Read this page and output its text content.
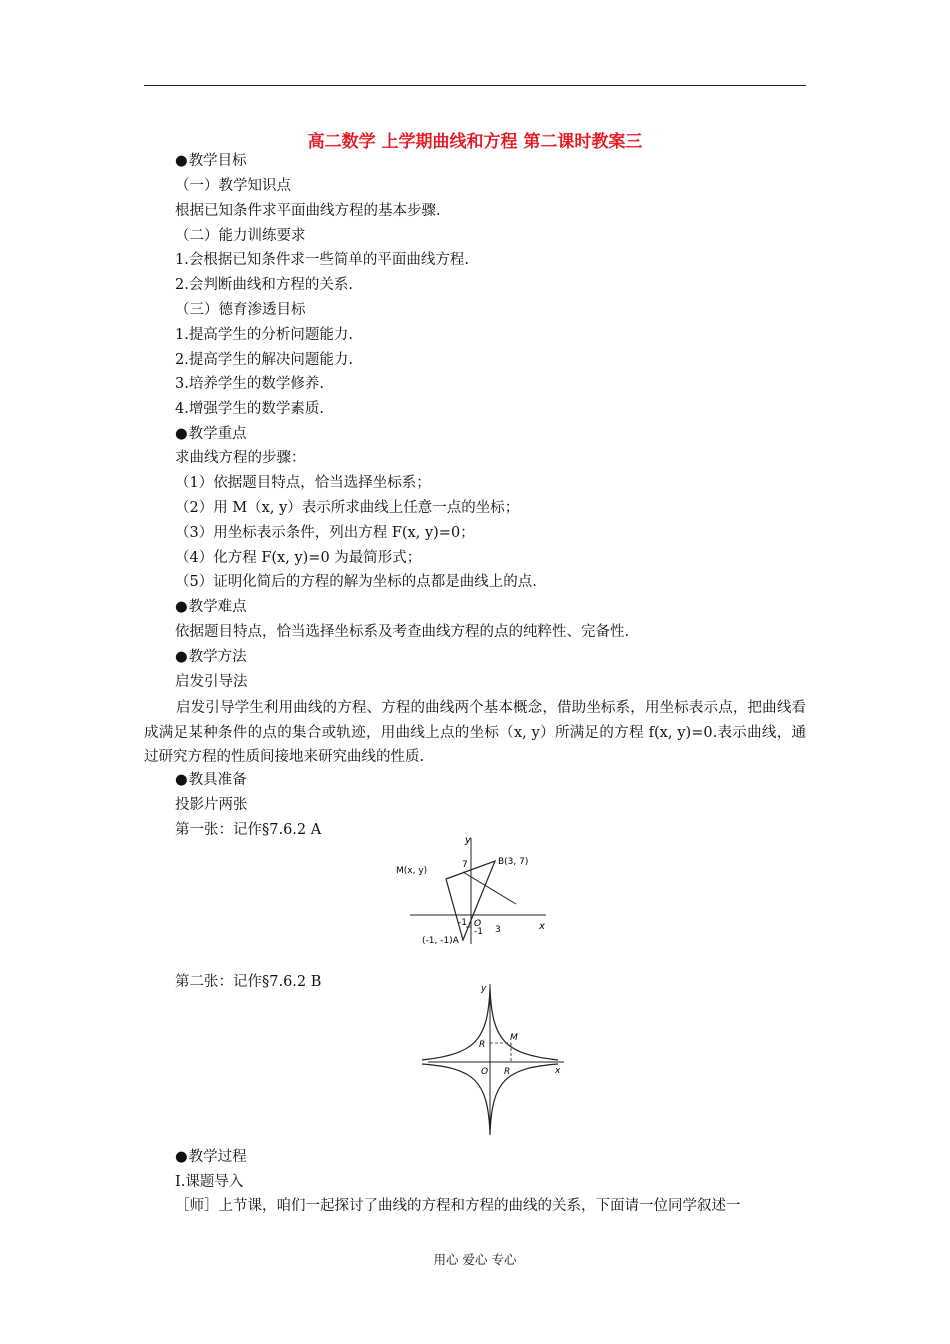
高二数学 上学期曲线和方程 第二课时教案三
● 教学目标
（一）教学知识点
根据已知条件求平面曲线方程的基本步骤.
（二）能力训练要求
1.会根据已知条件求一些简单的平面曲线方程.
2.会判断曲线和方程的关系.
（三）德育渗透目标
1.提高学生的分析问题能力.
2.提高学生的解决问题能力.
3.培养学生的数学修养.
4.增强学生的数学素质.
● 教学重点
求曲线方程的步骤：
（1）依据题目特点，恰当选择坐标系；
（2）用 M（x, y）表示所求曲线上任意一点的坐标；
（3）用坐标表示条件，列出方程 F(x, y)=0；
（4）化方程 F(x, y)=0 为最简形式；
（5）证明化简后的方程的解为坐标的点都是曲线上的点.
● 教学难点
依据题目特点，恰当选择坐标系及考查曲线方程的点的纯粹性、完备性.
● 教学方法
启发引导法
启发引导学生利用曲线的方程、方程的曲线两个基本概念，借助坐标系，用坐标表示点，把曲线看成满足某种条件的点的集合或轨迹，用曲线上点的坐标（x, y）所满足的方程 f(x, y)=0.表示曲线，通过研究方程的性质间接地来研究曲线的性质.
● 教具准备
投影片两张
第一张：记作§7.6.2 A
y
x
M(x, y)
B(3, 7)
7
-1 O
-1 3
(-1, -1)A
第二张：记作§7.6.2 B	y
x
M
R
O R
● 教学过程
Ⅰ.课题导入
［师］上节课，咱们一起探讨了曲线的方程和方程的曲线的关系，下面请一位同学叙述一
用心 爱心 专心
